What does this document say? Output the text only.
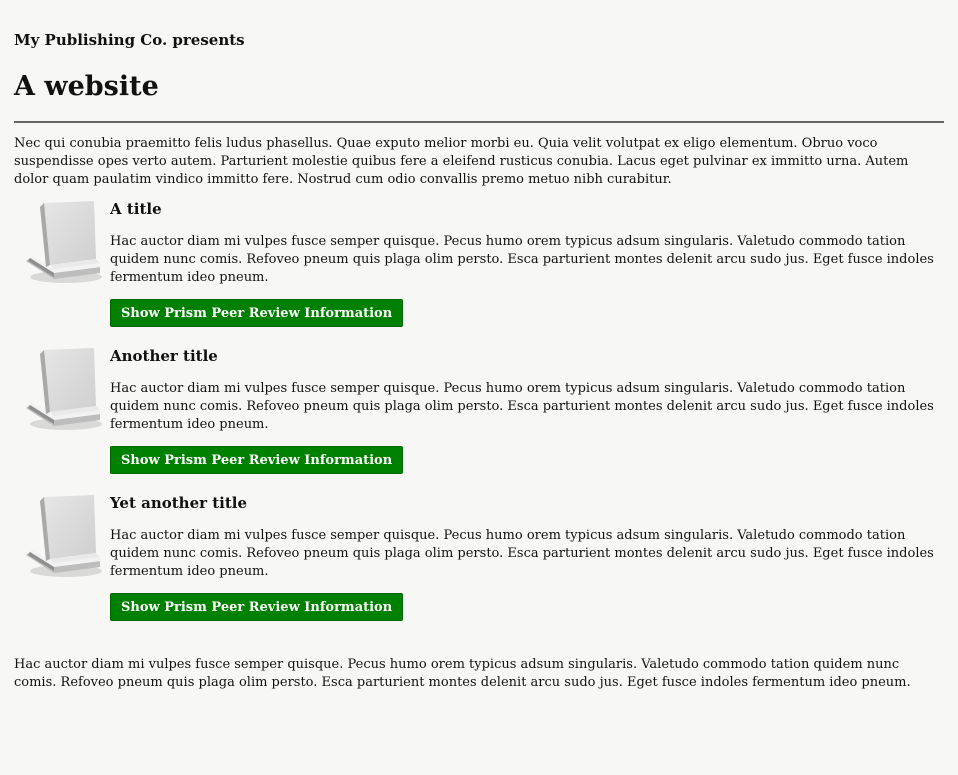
My Publishing Co. presents

A website

Nec qui conubia praemitto felis ludus phasellus. Quae exputo melior morbi eu. Quia velit volutpat ex eligo elementum. Obruo voco suspendisse opes verto autem. Parturient molestie quibus fere a eleifend rusticus conubia. Lacus eget pulvinar ex immitto urna. Autem dolor quam paulatim vindico immitto fere. Nostrud cum odio convallis premo metuo nibh curabitur.

A title

Hac auctor diam mi vulpes fusce semper quisque. Pecus humo orem typicus adsum singularis. Valetudo commodo tation quidem nunc comis. Refoveo pneum quis plaga olim persto. Esca parturient montes delenit arcu sudo jus. Eget fusce indoles fermentum ideo pneum.

Show Prism Peer Review Information
Another title

Hac auctor diam mi vulpes fusce semper quisque. Pecus humo orem typicus adsum singularis. Valetudo commodo tation quidem nunc comis. Refoveo pneum quis plaga olim persto. Esca parturient montes delenit arcu sudo jus. Eget fusce indoles fermentum ideo pneum.

Show Prism Peer Review Information
Yet another title

Hac auctor diam mi vulpes fusce semper quisque. Pecus humo orem typicus adsum singularis. Valetudo commodo tation quidem nunc comis. Refoveo pneum quis plaga olim persto. Esca parturient montes delenit arcu sudo jus. Eget fusce indoles fermentum ideo pneum.

Show Prism Peer Review Information

Hac auctor diam mi vulpes fusce semper quisque. Pecus humo orem typicus adsum singularis. Valetudo commodo tation quidem nunc comis. Refoveo pneum quis plaga olim persto. Esca parturient montes delenit arcu sudo jus. Eget fusce indoles fermentum ideo pneum.
